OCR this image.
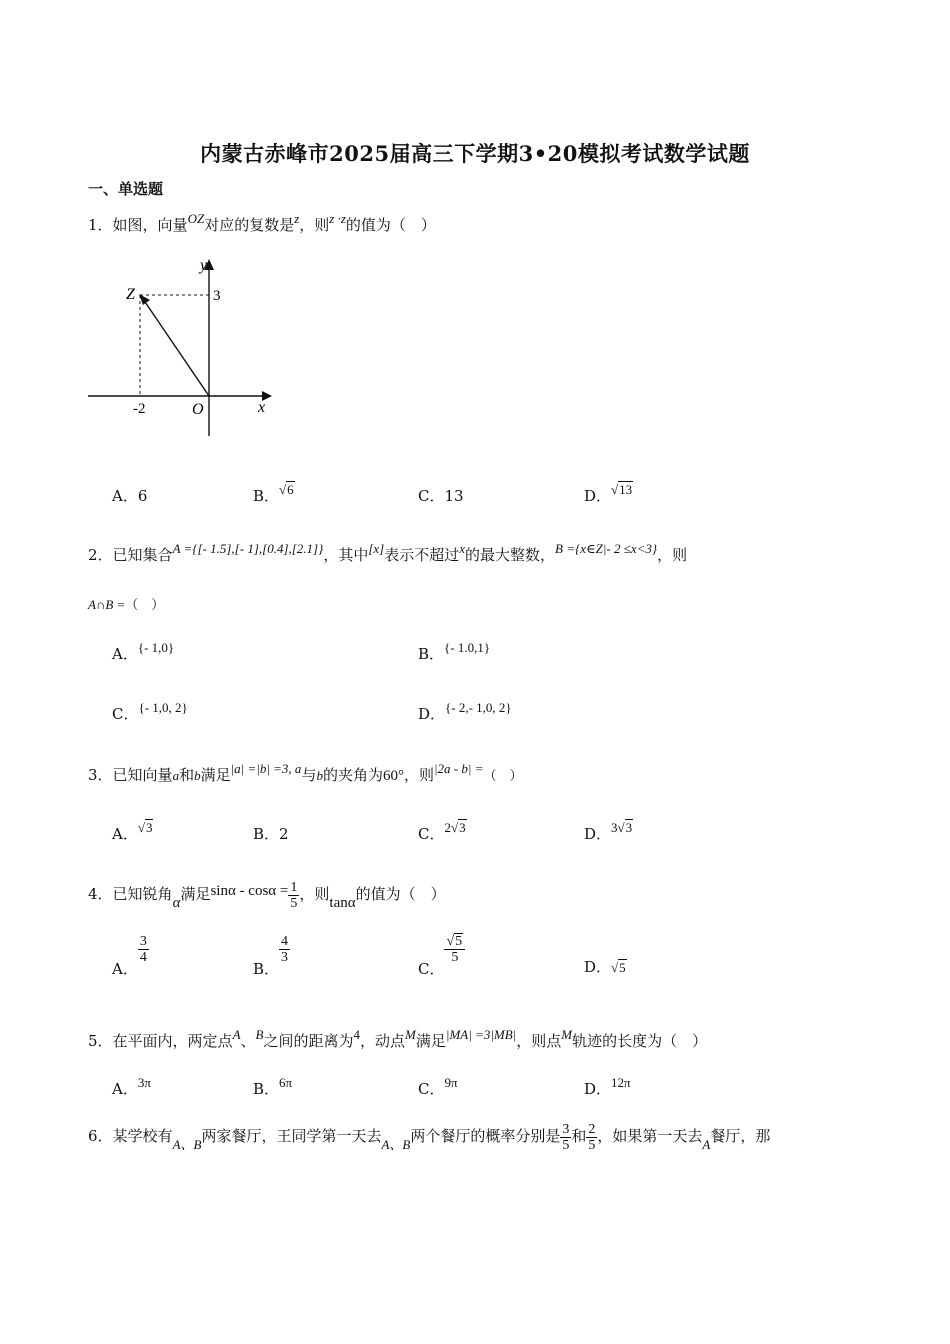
内蒙古赤峰市2025届高三下学期3•20模拟考试数学试题
一、单选题
1．如图，向量OZ对应的复数是z，则z ·z的值为（　）
y
x
Z
O
-2
3
A．6	B．√6	C．13	D．√13
2．已知集合A ={[- 1.5],[- 1],[0.4],[2.1]}，其中[x]表示不超过x的最大整数，B ={x∈Z|- 2 ≤x<3}，则
A∩B =（　）
A．{- 1,0}	B．{- 1.0,1}
C．{- 1,0, 2}	D．{- 2,- 1,0, 2}
3．已知向量a和b满足|a| =|b| =3, a与b的夹角为60°，则|2a - b| =（　）
A．√3	B．2	C．2√3	D．3√3
4．已知锐角α满足$\sin\alpha - \cos\alpha = \frac{1}{5}$ ，则tanα的值为（　）
A．
$\frac{3}{4}$
B．
$\frac{4}{3}$
C．
$\frac{√5}{5}$
D．√5
5．在平面内，两定点A、B之间的距离为4，动点M满足|MA| =3|MB|，则点M轨迹的长度为（　）
A．3π	B．6π	C．9π	D．12π
6．某学校有A、B两家餐厅，王同学第一天去A、B两个餐厅的概率分别是 $\frac{3}{5}$ 和 $\frac{2}{5}$ ，如果第一天去A餐厅，那
